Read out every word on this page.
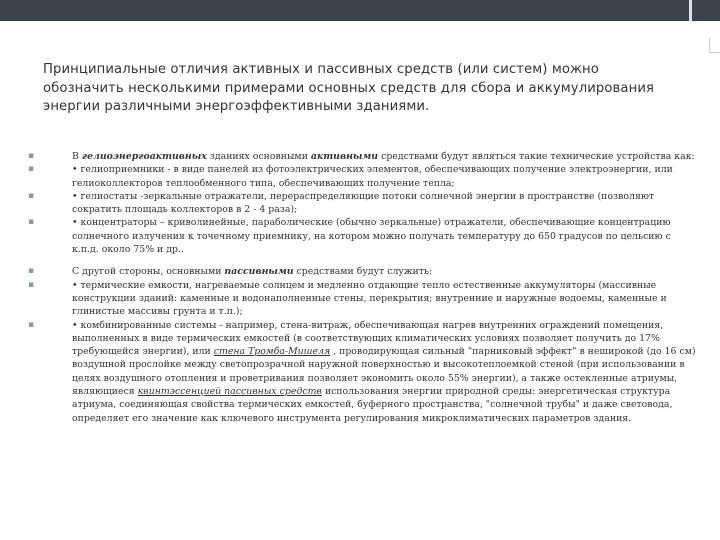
Принципиальные отличия активных и пассивных средств (или систем) можно обозначить несколькими примерами основных средств для сбора и аккумулирования энергии различными энергоэффективными зданиями.
▪	В гелиоэнергоактивных зданиях основными активными средствами будут являться такие технические устройства как:
▪	• гелиоприемники - в виде панелей из фотоэлектрических элементов, обеспечивающих получение электроэнергии, или гелиоколлекторов теплообменного типа, обеспечивающих получение тепла;
▪	• гелиостаты -зеркальные отражатели, перераспределяющие потоки солнечной энергии в пространстве (позволяют сократить площадь коллекторов в 2 - 4 раза);
▪	• концентраторы – криволинейные, параболические (обычно зеркальные) отражатели, обеспечивающие концентрацию солнечного излучения к точечному приемнику, на котором можно получать температуру до 650 градусов по цельсию с к.п.д. около 75% и др..
▪	С другой стороны, основными пассивными средствами будут служить:
▪	• термические емкости, нагреваемые солнцем и медленно отдающие тепло естественные аккумуляторы (массивные конструкции зданий: каменные и водонаполненные стены, перекрытия; внутренние и наружные водоемы, каменные и глинистые массивы грунта и т.п.);
▪	• комбинированные системы - например, стена-витраж, обеспечивающая нагрев внутренних ограждений помещения, выполненных в виде термических емкостей (в соответствующих климатических условиях позволяет получить до 17% требующейся энергии), или стена Тромба-Мишеля , проводирующая сильный "парниковый эффект" в неширокой (до 16 см) воздушной прослойке между светопрозрачной наружной поверхностью и высокотеплоемкой стеной (при использовании в целях воздушного отопления и проветривания позволяет экономить около 55% энергии), а также остекленные атриумы, являющиеся квинтэссенцией пассивных средств использования энергии природной среды: энергетическая структура атриума, соединяющая свойства термических емкостей, буферного пространства, "солнечной трубы" и даже световода, определяет его значение как ключевого инструмента регулирования микроклиматических параметров здания.
